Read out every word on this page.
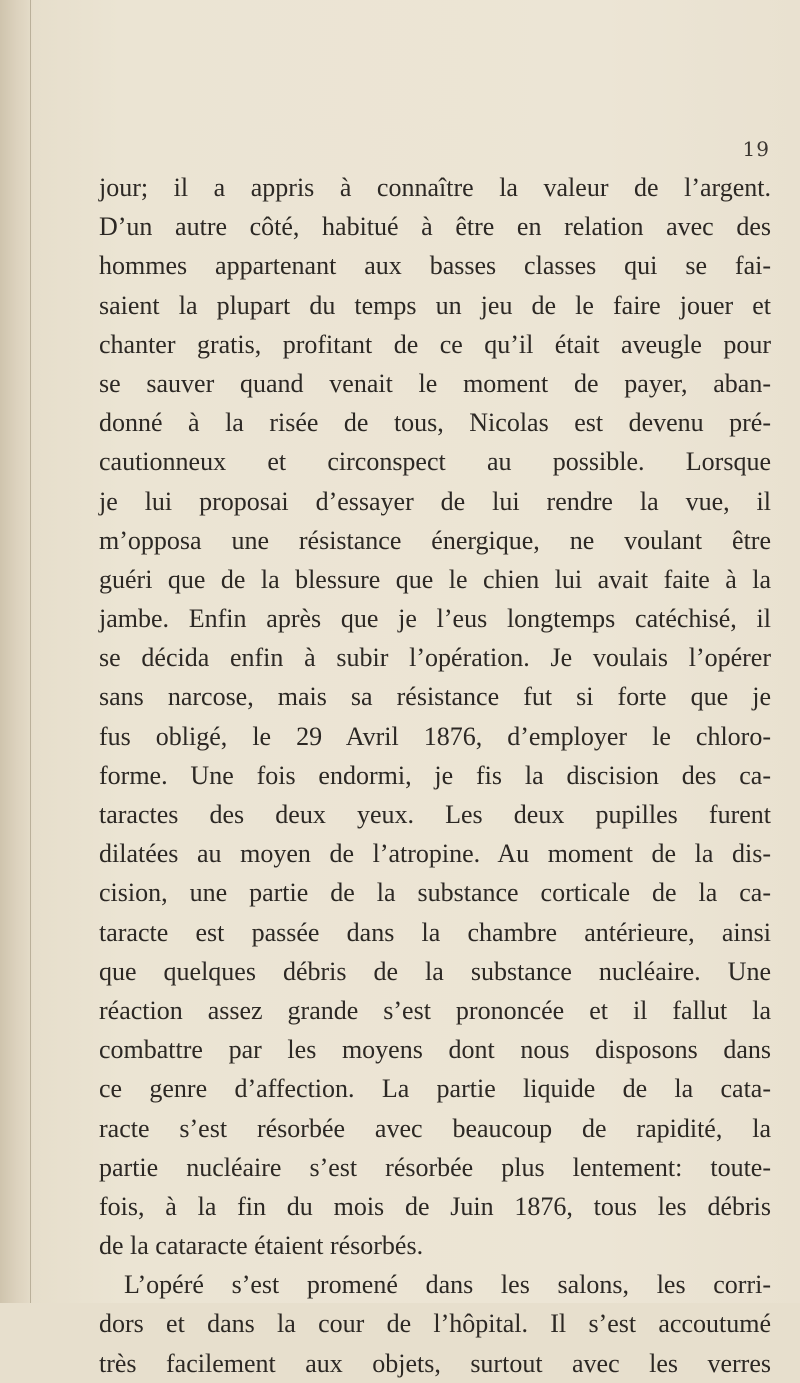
19
jour; il a appris à connaître la valeur de l’argent.
D’un autre côté, habitué à être en relation avec des
hommes appartenant aux basses classes qui se fai-
saient la plupart du temps un jeu de le faire jouer et
chanter gratis, profitant de ce qu’il était aveugle pour
se sauver quand venait le moment de payer, aban-
donné à la risée de tous, Nicolas est devenu pré-
cautionneux et circonspect au possible. Lorsque
je lui proposai d’essayer de lui rendre la vue, il
m’opposa une résistance énergique, ne voulant être
guéri que de la blessure que le chien lui avait faite à la
jambe. Enfin après que je l’eus longtemps catéchisé, il
se décida enfin à subir l’opération. Je voulais l’opérer
sans narcose, mais sa résistance fut si forte que je
fus obligé, le 29 Avril 1876, d’employer le chloro-
forme. Une fois endormi, je fis la discision des ca-
taractes des deux yeux. Les deux pupilles furent
dilatées au moyen de l’atropine. Au moment de la dis-
cision, une partie de la substance corticale de la ca-
taracte est passée dans la chambre antérieure, ainsi
que quelques débris de la substance nucléaire. Une
réaction assez grande s’est prononcée et il fallut la
combattre par les moyens dont nous disposons dans
ce genre d’affection. La partie liquide de la cata-
racte s’est résorbée avec beaucoup de rapidité, la
partie nucléaire s’est résorbée plus lentement: toute-
fois, à la fin du mois de Juin 1876, tous les débris
de la cataracte étaient résorbés.
L’opéré s’est promené dans les salons, les corri-
dors et dans la cour de l’hôpital. Il s’est accoutumé
très facilement aux objets, surtout avec les verres
